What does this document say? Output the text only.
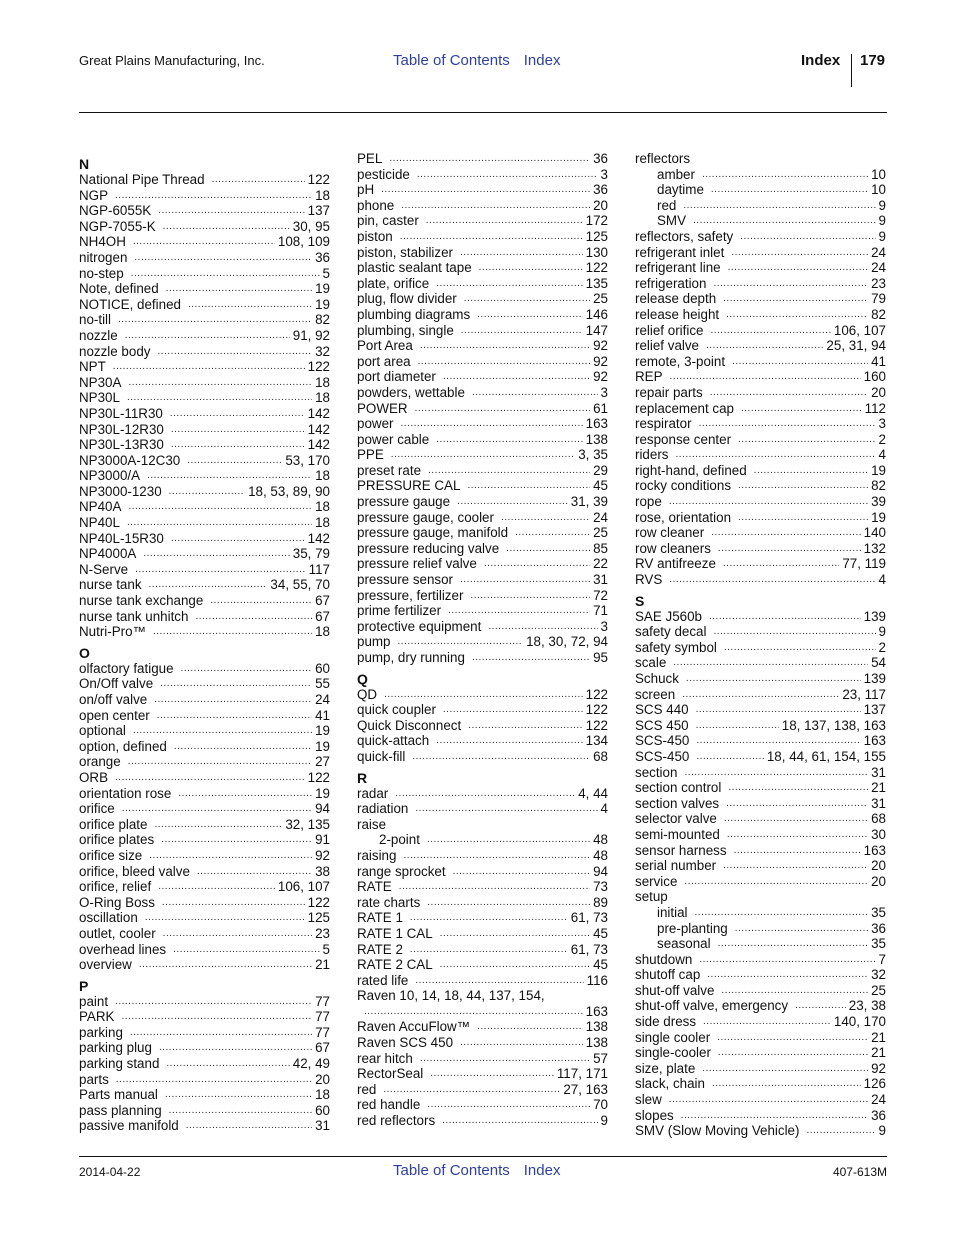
Great Plains Manufacturing, Inc.	Table of Contents Index	Index 179
N
National Pipe Thread .....	122
NGP .....	18
NGP-6055K .....	137
NGP-7055-K .....	30, 95
NH4OH .....	108, 109
nitrogen .....	36
no-step .....	5
Note, defined .....	19
NOTICE, defined .....	19
no-till .....	82
nozzle .....	91, 92
nozzle body .....	32
NPT .....	122
NP30A .....	18
NP30L .....	18
NP30L-11R30 .....	142
NP30L-12R30 .....	142
NP30L-13R30 .....	142
NP3000A-12C30 .....	53, 170
NP3000/A .....	18
NP3000-1230 .....	18, 53, 89, 90
NP40A .....	18
NP40L .....	18
NP40L-15R30 .....	142
NP4000A .....	35, 79
N-Serve .....	117
nurse tank .....	34, 55, 70
nurse tank exchange .....	67
nurse tank unhitch .....	67
Nutri-Pro™ .....	18
O
olfactory fatigue .....	60
On/Off valve .....	55
on/off valve .....	24
open center .....	41
optional .....	19
option, defined .....	19
orange .....	27
ORB .....	122
orientation rose .....	19
orifice .....	94
orifice plate .....	32, 135
orifice plates .....	91
orifice size .....	92
orifice, bleed valve .....	38
orifice, relief .....	106, 107
O-Ring Boss .....	122
oscillation .....	125
outlet, cooler .....	23
overhead lines .....	5
overview .....	21
P
paint .....	77
PARK .....	77
parking .....	77
parking plug .....	67
parking stand .....	42, 49
parts .....	20
Parts manual .....	18
pass planning .....	60
passive manifold .....	31
PEL .....	36
pesticide .....	3
pH .....	36
phone .....	20
pin, caster .....	172
piston .....	125
piston, stabilizer .....	130
plastic sealant tape .....	122
plate, orifice .....	135
plug, flow divider .....	25
plumbing diagrams .....	146
plumbing, single .....	147
Port Area .....	92
port area .....	92
port diameter .....	92
powders, wettable .....	3
POWER .....	61
power .....	163
power cable .....	138
PPE .....	3, 35
preset rate .....	29
PRESSURE CAL .....	45
pressure gauge .....	31, 39
pressure gauge, cooler .....	24
pressure gauge, manifold .....	25
pressure reducing valve .....	85
pressure relief valve .....	22
pressure sensor .....	31
pressure, fertilizer .....	72
prime fertilizer .....	71
protective equipment .....	3
pump .....	18, 30, 72, 94
pump, dry running .....	95
Q
QD .....	122
quick coupler .....	122
Quick Disconnect .....	122
quick-attach .....	134
quick-fill .....	68
R
radar .....	4, 44
radiation .....	4
raise
2-point .....	48
raising .....	48
range sprocket .....	94
RATE .....	73
rate charts .....	89
RATE 1 .....	61, 73
RATE 1 CAL .....	45
RATE 2 .....	61, 73
RATE 2 CAL .....	45
rated life .....	116
Raven 10, 14, 18, 44, 137, 154,
.....
163
Raven AccuFlow™ .....	138
Raven SCS 450 .....	138
rear hitch .....	57
RectorSeal .....	117, 171
red .....	27, 163
red handle .....	70
red reflectors .....	9
reflectors
amber .....	10
daytime .....	10
red .....	9
SMV .....	9
reflectors, safety .....	9
refrigerant inlet .....	24
refrigerant line .....	24
refrigeration .....	23
release depth .....	79
release height .....	82
relief orifice .....	106, 107
relief valve .....	25, 31, 94
remote, 3-point .....	41
REP .....	160
repair parts .....	20
replacement cap .....	112
respirator .....	3
response center .....	2
riders .....	4
right-hand, defined .....	19
rocky conditions .....	82
rope .....	39
rose, orientation .....	19
row cleaner .....	140
row cleaners .....	132
RV antifreeze .....	77, 119
RVS .....	4
S
SAE J560b .....	139
safety decal .....	9
safety symbol .....	2
scale .....	54
Schuck .....	139
screen .....	23, 117
SCS 440 .....	137
SCS 450 .....	18, 137, 138, 163
SCS-450 .....	163
SCS-450 .....	18, 44, 61, 154, 155
section .....	31
section control .....	21
section valves .....	31
selector valve .....	68
semi-mounted .....	30
sensor harness .....	163
serial number .....	20
service .....	20
setup
initial .....	35
pre-planting .....	36
seasonal .....	35
shutdown .....	7
shutoff cap .....	32
shut-off valve .....	25
shut-off valve, emergency .....	23, 38
side dress .....	140, 170
single cooler .....	21
single-cooler .....	21
size, plate .....	92
slack, chain .....	126
slew .....	24
slopes .....	36
SMV (Slow Moving Vehicle) .....	9
2014-04-22	Table of Contents Index	407-613M
